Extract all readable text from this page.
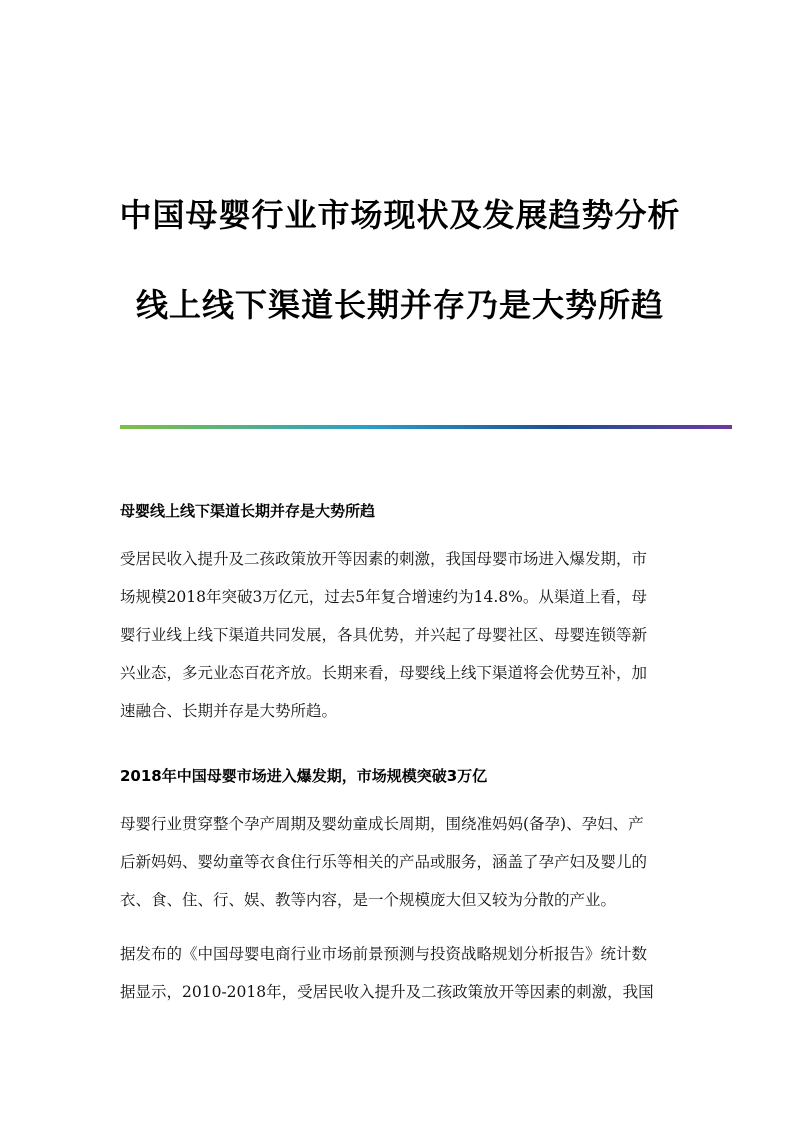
中国母婴行业市场现状及发展趋势分析
线上线下渠道长期并存乃是大势所趋
母婴线上线下渠道长期并存是大势所趋
受居民收入提升及二孩政策放开等因素的刺激，我国母婴市场进入爆发期，市
场规模2018年突破3万亿元，过去5年复合增速约为14.8%。从渠道上看，母
婴行业线上线下渠道共同发展，各具优势，并兴起了母婴社区、母婴连锁等新
兴业态，多元业态百花齐放。长期来看，母婴线上线下渠道将会优势互补，加
速融合、长期并存是大势所趋。
2018年中国母婴市场进入爆发期，市场规模突破3万亿
母婴行业贯穿整个孕产周期及婴幼童成长周期，围绕准妈妈(备孕)、孕妇、产
后新妈妈、婴幼童等衣食住行乐等相关的产品或服务，涵盖了孕产妇及婴儿的
衣、食、住、行、娱、教等内容，是一个规模庞大但又较为分散的产业。
据发布的《中国母婴电商行业市场前景预测与投资战略规划分析报告》统计数
据显示，2010-2018年，受居民收入提升及二孩政策放开等因素的刺激，我国
